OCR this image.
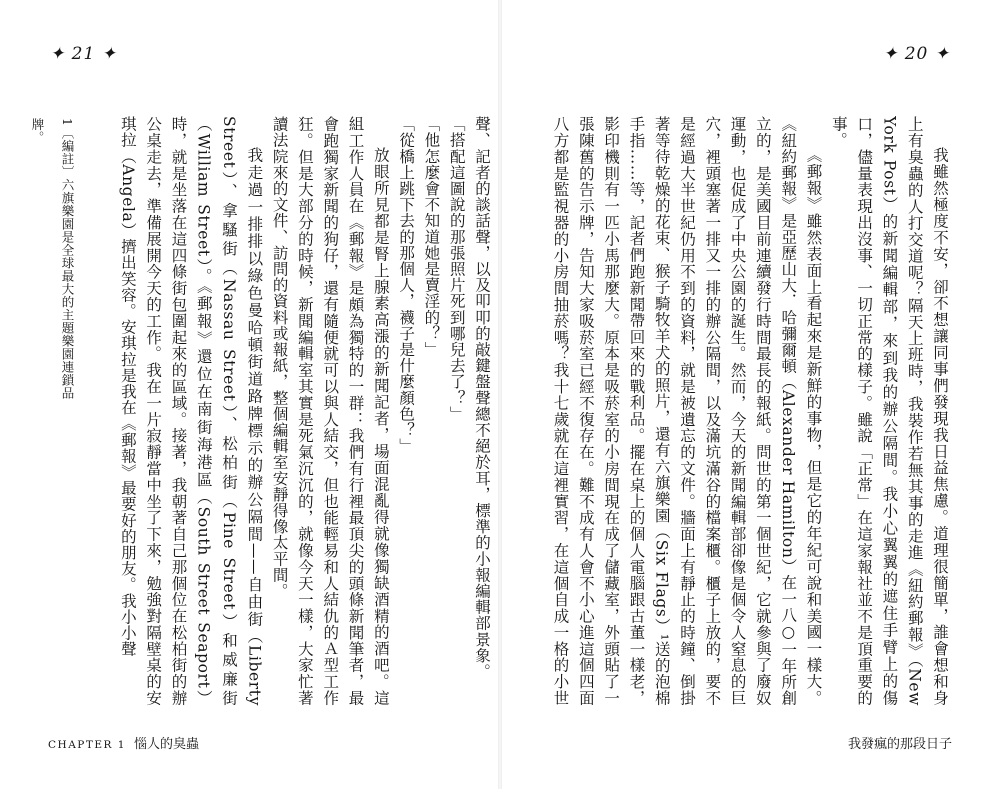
✦ 21 ✦
1〔編註〕六旗樂園是全球最大的主題樂園連鎖品牌。	聲、記者的談話聲，以及叩叩的敲鍵盤聲總不絕於耳，標準的小報編輯部景象。

「搭配這圖說的那張照片死到哪兒去了？」

「他怎麼會不知道她是賣淫的？」

「從橋上跳下去的那個人，襪子是什麼顏色？」

放眼所見都是腎上腺素高漲的新聞記者，場面混亂得就像獨缺酒精的酒吧。這組工作人員在《郵報》是頗為獨特的一群：我們有行裡最頂尖的頭條新聞筆者，最會跑獨家新聞的狗仔，還有隨便就可以與人結交，但也能輕易和人結仇的Ａ型工作狂。但是大部分的時候，新聞編輯室其實是死氣沉沉的，就像今天一樣，大家忙著讀法院來的文件、訪問的資料或報紙，整個編輯室安靜得像太平間。

我走過一排排以綠色曼哈頓街道路牌標示的辦公隔間——自由街（Liberty Street）、拿騷街（Nassau Street）、松柏街（Pine Street）和威廉街（William Street）。《郵報》還位在南街海港區（South Street Seaport）時，就是坐落在這四條街包圍起來的區域。接著，我朝著自己那個位在松柏街的辦公桌走去，準備展開今天的工作。我在一片寂靜當中坐了下來，勉強對隔壁桌的安琪拉（Angela）擠出笑容。安琪拉是我在《郵報》最要好的朋友。我小小聲

CHAPTER 1 惱人的臭蟲
✦ 20 ✦

我雖然極度不安，卻不想讓同事們發現我日益焦慮。道理很簡單，誰會想和身上有臭蟲的人打交道呢？隔天上班時，我裝作若無其事的走進《紐約郵報》（New York Post）的新聞編輯部，來到我的辦公隔間。我小心翼翼的遮住手臂上的傷口，儘量表現出沒事、一切正常的樣子。雖說「正常」在這家報社並不是頂重要的事。

《郵報》雖然表面上看起來是新鮮的事物，但是它的年紀可說和美國一樣大。《紐約郵報》是亞歷山大．哈彌爾頓（Alexander Hamilton）在一八○一年所創立的，是美國目前連續發行時間最長的報紙。問世的第一個世紀，它就參與了廢奴運動，也促成了中央公園的誕生。然而，今天的新聞編輯部卻像是個令人窒息的巨穴，裡頭塞著一排又一排的辦公隔間，以及滿坑滿谷的檔案櫃。櫃子上放的，要不是經過大半世紀仍用不到的資料，就是被遺忘的文件。牆面上有靜止的時鐘、倒掛著等待乾燥的花束、猴子騎牧羊犬的照片，還有六旗樂園（Six Flags）¹送的泡棉手指……等，記者們跑新聞帶回來的戰利品。擺在桌上的個人電腦跟古董一樣老，影印機則有一匹小馬那麼大。原本是吸菸室的小房間現在成了儲藏室，外頭貼了一張陳舊的告示牌，告知大家吸菸室已經不復存在。難不成有人會不小心進這個四面八方都是監視器的小房間抽菸嗎？我十七歲就在這裡實習，在這個自成一格的小世

我發瘋的那段日子
